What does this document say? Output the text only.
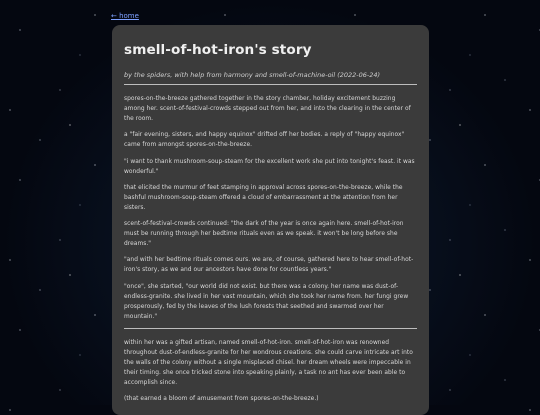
← home
smell-of-hot-iron's story
by the spiders, with help from harmony and smell-of-machine-oil (2022-06-24)

spores-on-the-breeze gathered together in the story chamber, holiday excitement buzzing among her. scent-of-festival-crowds stepped out from her, and into the clearing in the center of the room.

a "fair evening, sisters, and happy equinox" drifted off her bodies. a reply of "happy equinox" came from amongst spores-on-the-breeze.

"i want to thank mushroom-soup-steam for the excellent work she put into tonight's feast. it was wonderful."

that elicited the murmur of feet stamping in approval across spores-on-the-breeze, while the bashful mushroom-soup-steam offered a cloud of embarrassment at the attention from her sisters.

scent-of-festival-crowds continued: "the dark of the year is once again here. smell-of-hot-iron must be running through her bedtime rituals even as we speak. it won't be long before she dreams."

"and with her bedtime rituals comes ours. we are, of course, gathered here to hear smell-of-hot-iron's story, as we and our ancestors have done for countless years."

"once", she started, "our world did not exist. but there was a colony. her name was dust-of-endless-granite. she lived in her vast mountain, which she took her name from. her fungi grew prosperously, fed by the leaves of the lush forests that seethed and swarmed over her mountain."

within her was a gifted artisan, named smell-of-hot-iron. smell-of-hot-iron was renowned throughout dust-of-endless-granite for her wondrous creations. she could carve intricate art into the walls of the colony without a single misplaced chisel. her dream wheels were impeccable in their timing. she once tricked stone into speaking plainly, a task no ant has ever been able to accomplish since.

(that earned a bloom of amusement from spores-on-the-breeze.)
